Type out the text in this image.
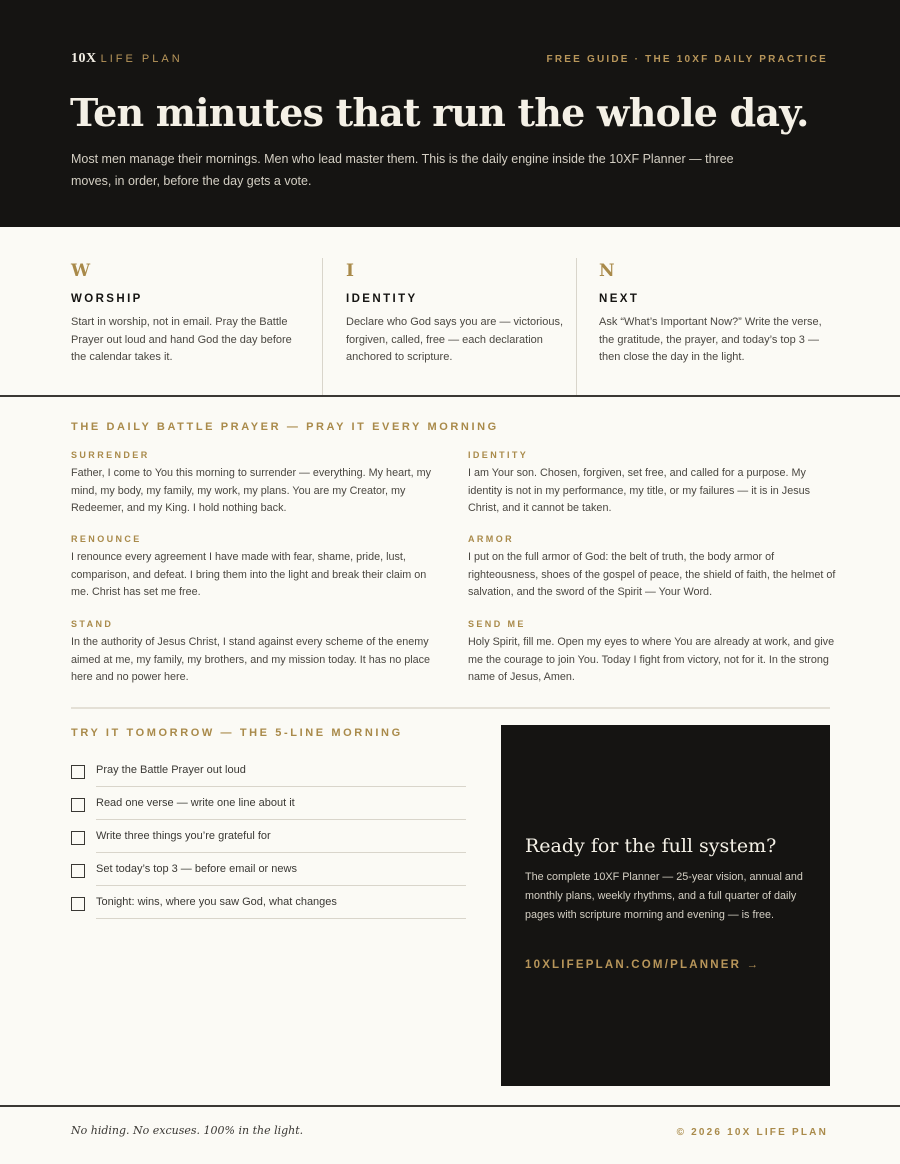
10X LIFE PLAN	FREE GUIDE · THE 10XF DAILY PRACTICE
Ten minutes that run the whole day.

Most men manage their mornings. Men who lead master them. This is the daily engine inside the 10XF Planner — three moves, in order, before the day gets a vote.

W
WORSHIP

Start in worship, not in email. Pray the Battle Prayer out loud and hand God the day before the calendar takes it.

I
IDENTITY

Declare who God says you are — victorious, forgiven, called, free — each declaration anchored to scripture.

N
NEXT

Ask “What’s Important Now?” Write the verse, the gratitude, the prayer, and today’s top 3 — then close the day in the light.

THE DAILY BATTLE PRAYER — PRAY IT EVERY MORNING
SURRENDER

Father, I come to You this morning to surrender — everything. My heart, my mind, my body, my family, my work, my plans. You are my Creator, my Redeemer, and my King. I hold nothing back.

IDENTITY

I am Your son. Chosen, forgiven, set free, and called for a purpose. My identity is not in my performance, my title, or my failures — it is in Jesus Christ, and it cannot be taken.

RENOUNCE

I renounce every agreement I have made with fear, shame, pride, lust, comparison, and defeat. I bring them into the light and break their claim on me. Christ has set me free.

ARMOR

I put on the full armor of God: the belt of truth, the body armor of righteousness, shoes of the gospel of peace, the shield of faith, the helmet of salvation, and the sword of the Spirit — Your Word.

STAND

In the authority of Jesus Christ, I stand against every scheme of the enemy aimed at me, my family, my brothers, and my mission today. It has no place here and no power here.

SEND ME

Holy Spirit, fill me. Open my eyes to where You are already at work, and give me the courage to join You. Today I fight from victory, not for it. In the strong name of Jesus, Amen.

TRY IT TOMORROW — THE 5-LINE MORNING
Pray the Battle Prayer out loud
Read one verse — write one line about it
Write three things you’re grateful for
Set today’s top 3 — before email or news
Tonight: wins, where you saw God, what changes
Ready for the full system?

The complete 10XF Planner — 25-year vision, annual and monthly plans, weekly rhythms, and a full quarter of daily pages with scripture morning and evening — is free.

10XLIFEPLAN.COM/PLANNER →
No hiding. No excuses. 100% in the light.	© 2026 10X LIFE PLAN
